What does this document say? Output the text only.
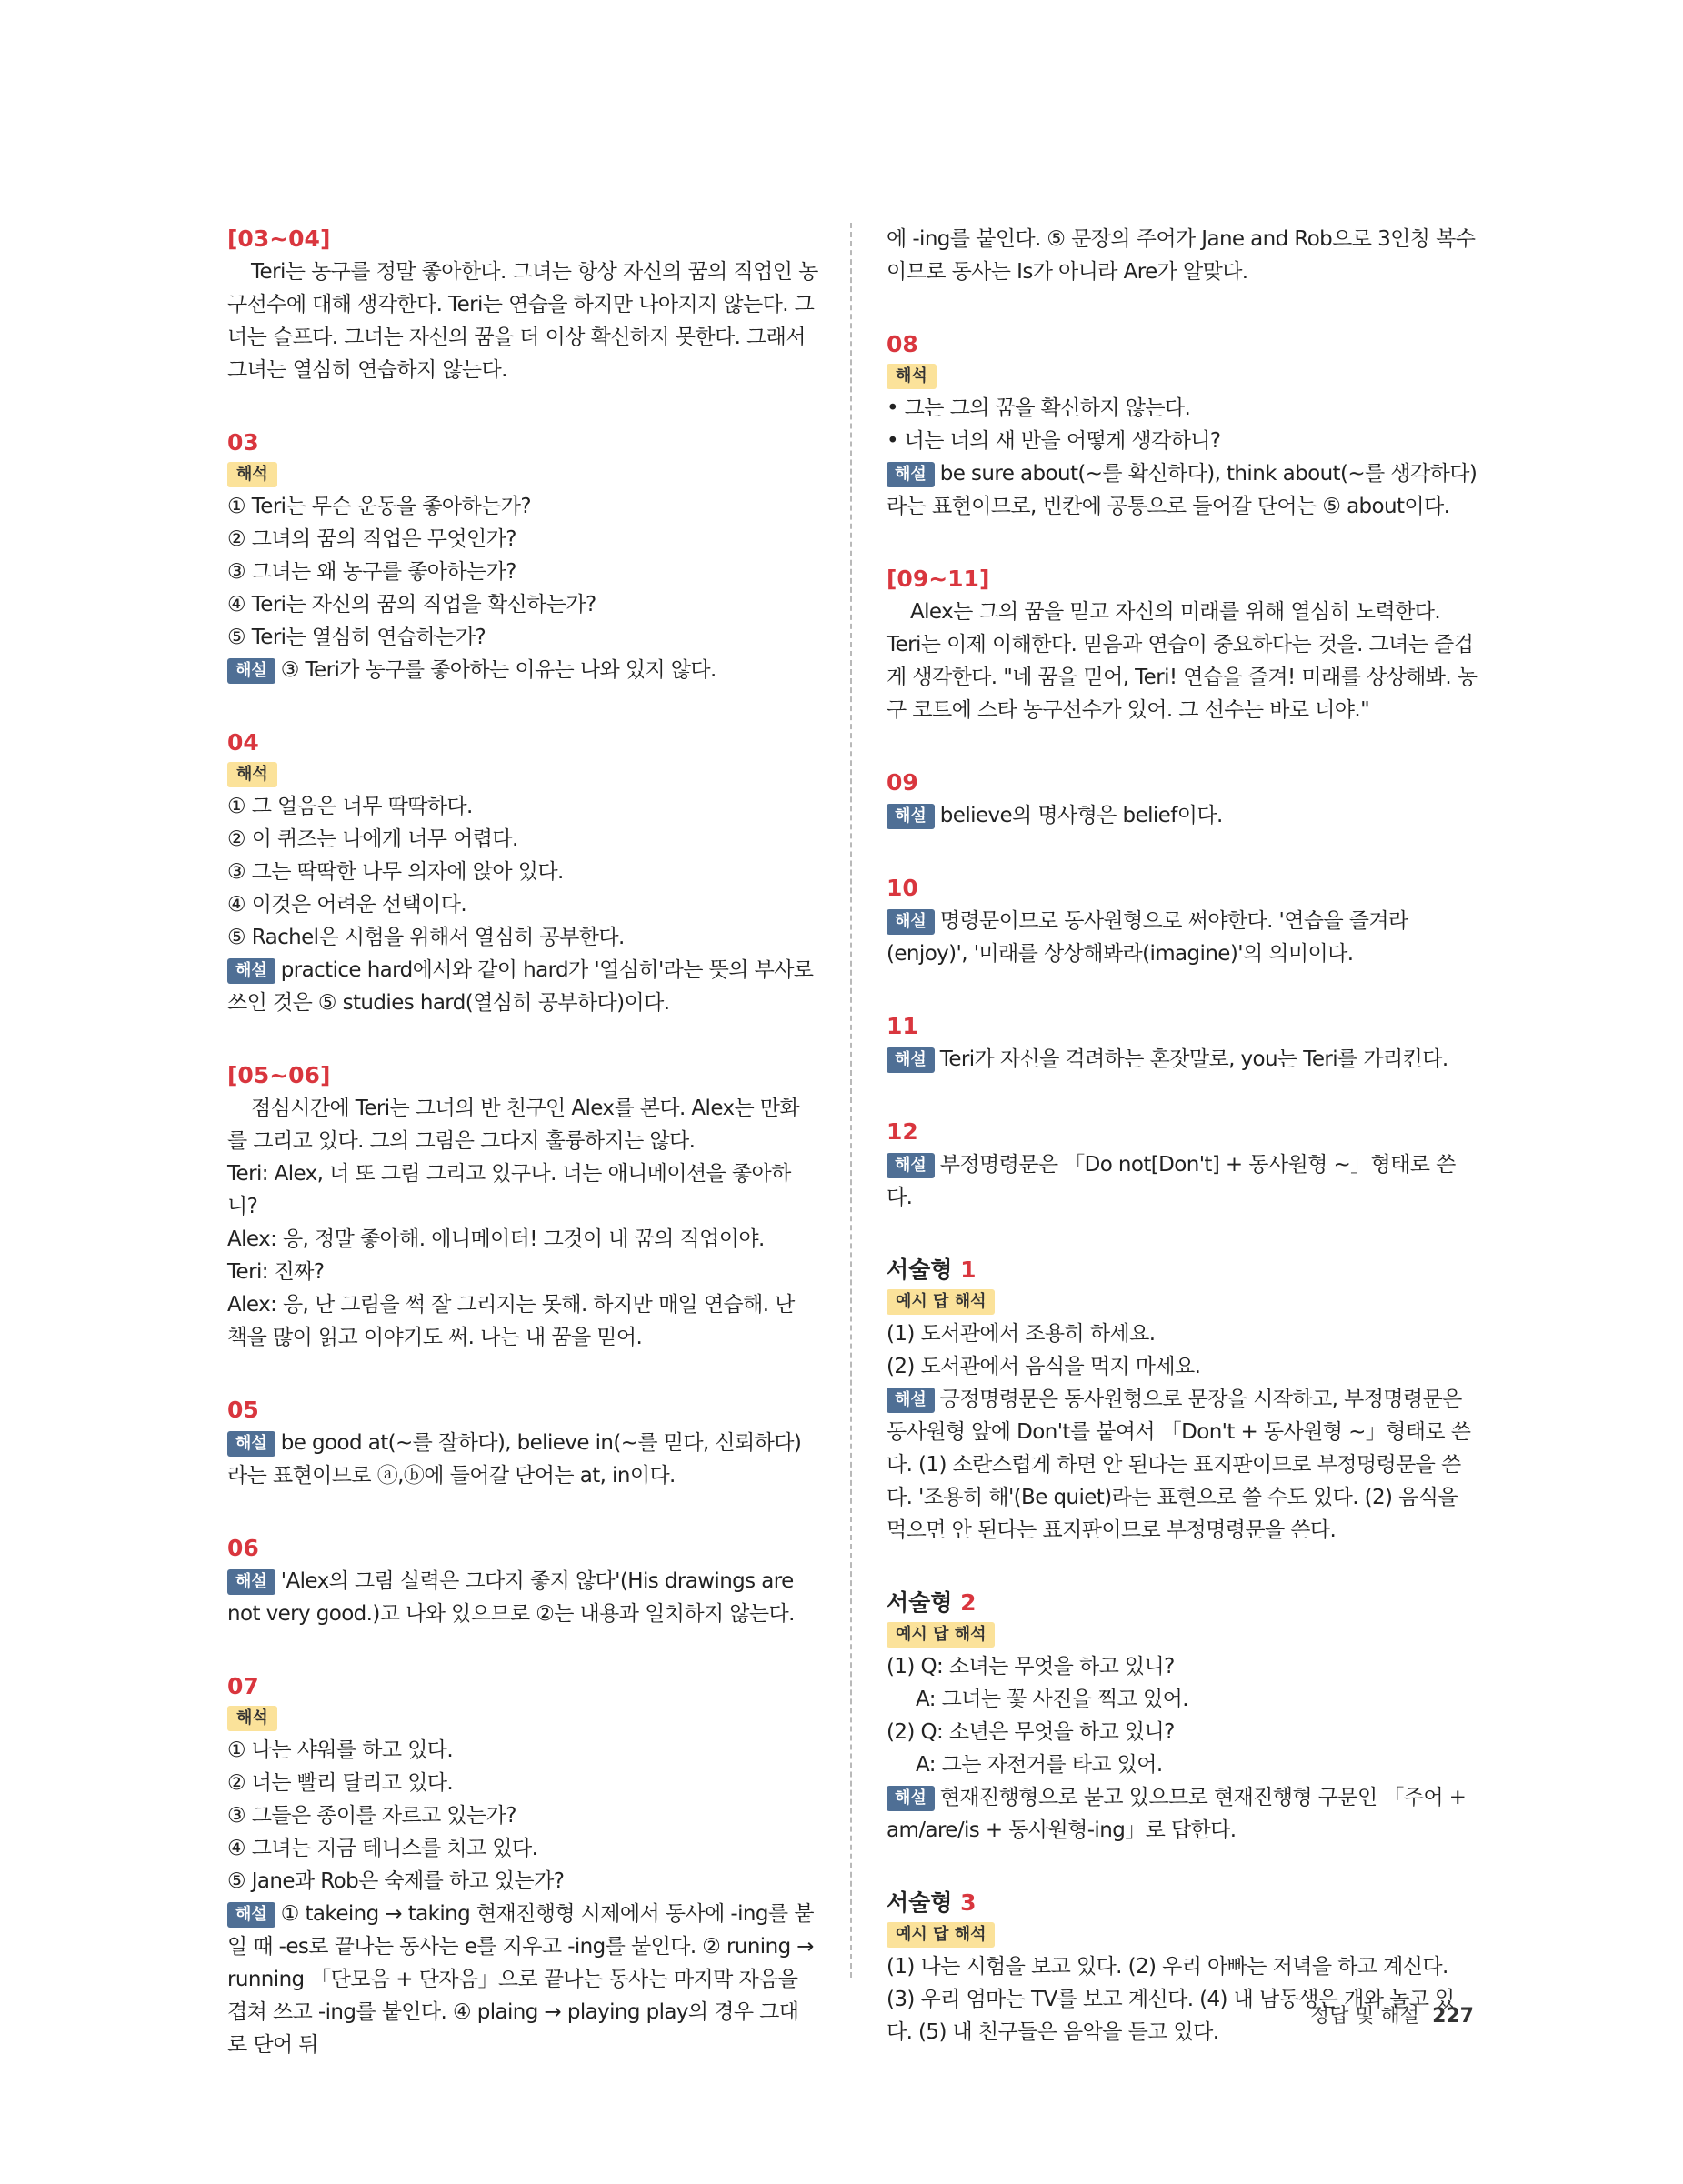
[03~04]

Teri는 농구를 정말 좋아한다. 그녀는 항상 자신의 꿈의 직업인 농구선수에 대해 생각한다. Teri는 연습을 하지만 나아지지 않는다. 그녀는 슬프다. 그녀는 자신의 꿈을 더 이상 확신하지 못한다. 그래서 그녀는 열심히 연습하지 않는다.

03
해석

① Teri는 무슨 운동을 좋아하는가?

② 그녀의 꿈의 직업은 무엇인가?

③ 그녀는 왜 농구를 좋아하는가?

④ Teri는 자신의 꿈의 직업을 확신하는가?

⑤ Teri는 열심히 연습하는가?

해설 ③ Teri가 농구를 좋아하는 이유는 나와 있지 않다.

04
해석

① 그 얼음은 너무 딱딱하다.

② 이 퀴즈는 나에게 너무 어렵다.

③ 그는 딱딱한 나무 의자에 앉아 있다.

④ 이것은 어려운 선택이다.

⑤ Rachel은 시험을 위해서 열심히 공부한다.

해설 practice hard에서와 같이 hard가 '열심히'라는 뜻의 부사로 쓰인 것은 ⑤ studies hard(열심히 공부하다)이다.

[05~06]

점심시간에 Teri는 그녀의 반 친구인 Alex를 본다. Alex는 만화를 그리고 있다. 그의 그림은 그다지 훌륭하지는 않다.

Teri: Alex, 너 또 그림 그리고 있구나. 너는 애니메이션을 좋아하니?

Alex: 응, 정말 좋아해. 애니메이터! 그것이 내 꿈의 직업이야.

Teri: 진짜?

Alex: 응, 난 그림을 썩 잘 그리지는 못해. 하지만 매일 연습해. 난 책을 많이 읽고 이야기도 써. 나는 내 꿈을 믿어.

05

해설 be good at(~를 잘하다), believe in(~를 믿다, 신뢰하다)라는 표현이므로 ⓐ,ⓑ에 들어갈 단어는 at, in이다.

06

해설 'Alex의 그림 실력은 그다지 좋지 않다'(His drawings are not very good.)고 나와 있으므로 ②는 내용과 일치하지 않는다.

07
해석

① 나는 샤워를 하고 있다.

② 너는 빨리 달리고 있다.

③ 그들은 종이를 자르고 있는가?

④ 그녀는 지금 테니스를 치고 있다.

⑤ Jane과 Rob은 숙제를 하고 있는가?

해설 ① takeing → taking 현재진행형 시제에서 동사에 -ing를 붙일 때 -es로 끝나는 동사는 e를 지우고 -ing를 붙인다. ② runing → running 「단모음 + 단자음」으로 끝나는 동사는 마지막 자음을 겹쳐 쓰고 -ing를 붙인다. ④ plaing → playing play의 경우 그대로 단어 뒤

에 -ing를 붙인다. ⑤ 문장의 주어가 Jane and Rob으로 3인칭 복수이므로 동사는 Is가 아니라 Are가 알맞다.

08
해석

• 그는 그의 꿈을 확신하지 않는다.

• 너는 너의 새 반을 어떻게 생각하니?

해설 be sure about(~를 확신하다), think about(~를 생각하다)라는 표현이므로, 빈칸에 공통으로 들어갈 단어는 ⑤ about이다.

[09~11]

Alex는 그의 꿈을 믿고 자신의 미래를 위해 열심히 노력한다. Teri는 이제 이해한다. 믿음과 연습이 중요하다는 것을. 그녀는 즐겁게 생각한다. "네 꿈을 믿어, Teri! 연습을 즐겨! 미래를 상상해봐. 농구 코트에 스타 농구선수가 있어. 그 선수는 바로 너야."

09

해설 believe의 명사형은 belief이다.

10

해설 명령문이므로 동사원형으로 써야한다. '연습을 즐겨라(enjoy)', '미래를 상상해봐라(imagine)'의 의미이다.

11

해설 Teri가 자신을 격려하는 혼잣말로, you는 Teri를 가리킨다.

12

해설 부정명령문은 「Do not[Don't] + 동사원형 ~」형태로 쓴다.

서술형 1
예시 답 해석

(1) 도서관에서 조용히 하세요.

(2) 도서관에서 음식을 먹지 마세요.

해설 긍정명령문은 동사원형으로 문장을 시작하고, 부정명령문은 동사원형 앞에 Don't를 붙여서 「Don't + 동사원형 ~」형태로 쓴다. (1) 소란스럽게 하면 안 된다는 표지판이므로 부정명령문을 쓴다. '조용히 해'(Be quiet)라는 표현으로 쓸 수도 있다. (2) 음식을 먹으면 안 된다는 표지판이므로 부정명령문을 쓴다.

서술형 2
예시 답 해석

(1) Q: 소녀는 무엇을 하고 있니?

A: 그녀는 꽃 사진을 찍고 있어.

(2) Q: 소년은 무엇을 하고 있니?

A: 그는 자전거를 타고 있어.

해설 현재진행형으로 묻고 있으므로 현재진행형 구문인 「주어 + am/are/is + 동사원형-ing」로 답한다.

서술형 3
예시 답 해석

(1) 나는 시험을 보고 있다. (2) 우리 아빠는 저녁을 하고 계신다. (3) 우리 엄마는 TV를 보고 계신다. (4) 내 남동생은 개와 놀고 있다. (5) 내 친구들은 음악을 듣고 있다.

정답 및 해설 227
